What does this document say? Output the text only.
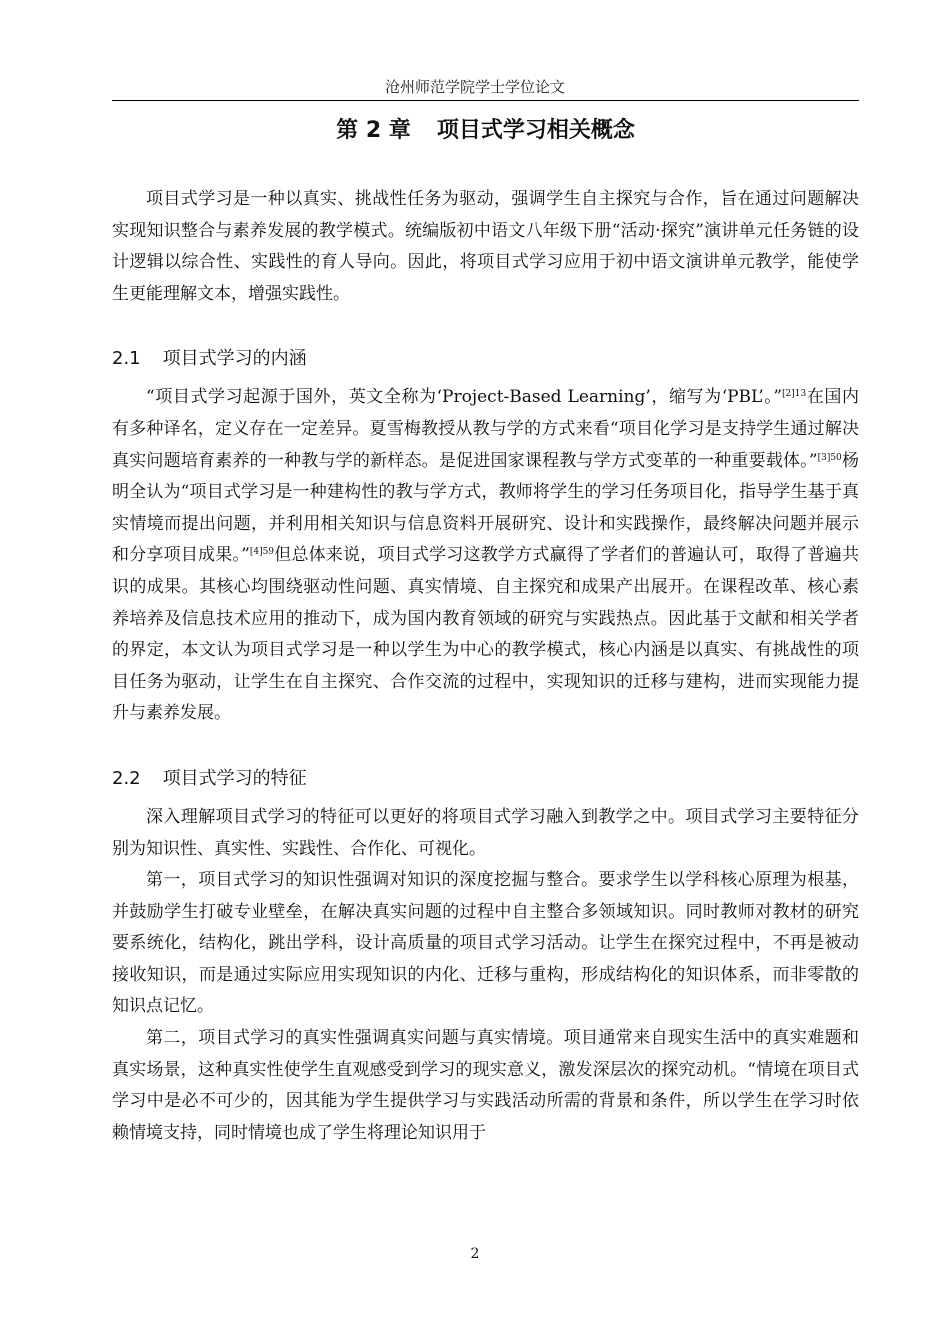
沧州师范学院学士学位论文
第 2 章 项目式学习相关概念

项目式学习是一种以真实、挑战性任务为驱动，强调学生自主探究与合作，旨在通过问题解决实现知识整合与素养发展的教学模式。统编版初中语文八年级下册“活动·探究”演讲单元任务链的设计逻辑以综合性、实践性的育人导向。因此，将项目式学习应用于初中语文演讲单元教学，能使学生更能理解文本，增强实践性。

2.1 项目式学习的内涵

“项目式学习起源于国外，英文全称为‘Project-Based Learning’，缩写为‘PBL’。”$^{[2]13}$在国内有多种译名，定义存在一定差异。夏雪梅教授从教与学的方式来看“项目化学习是支持学生通过解决真实问题培育素养的一种教与学的新样态。是促进国家课程教与学方式变革的一种重要载体。”$^{[3]50}$杨明全认为“项目式学习是一种建构性的教与学方式，教师将学生的学习任务项目化，指导学生基于真实情境而提出问题，并利用相关知识与信息资料开展研究、设计和实践操作，最终解决问题并展示和分享项目成果。”$^{[4]59}$但总体来说，项目式学习这教学方式赢得了学者们的普遍认可，取得了普遍共识的成果。其核心均围绕驱动性问题、真实情境、自主探究和成果产出展开。在课程改革、核心素养培养及信息技术应用的推动下，成为国内教育领域的研究与实践热点。因此基于文献和相关学者的界定，本文认为项目式学习是一种以学生为中心的教学模式，核心内涵是以真实、有挑战性的项目任务为驱动，让学生在自主探究、合作交流的过程中，实现知识的迁移与建构，进而实现能力提升与素养发展。

2.2 项目式学习的特征

深入理解项目式学习的特征可以更好的将项目式学习融入到教学之中。项目式学习主要特征分别为知识性、真实性、实践性、合作化、可视化。

第一，项目式学习的知识性强调对知识的深度挖掘与整合。要求学生以学科核心原理为根基，并鼓励学生打破专业壁垒，在解决真实问题的过程中自主整合多领域知识。同时教师对教材的研究要系统化，结构化，跳出学科，设计高质量的项目式学习活动。让学生在探究过程中，不再是被动接收知识，而是通过实际应用实现知识的内化、迁移与重构，形成结构化的知识体系，而非零散的知识点记忆。

第二，项目式学习的真实性强调真实问题与真实情境。项目通常来自现实生活中的真实难题和真实场景，这种真实性使学生直观感受到学习的现实意义，激发深层次的探究动机。“情境在项目式学习中是必不可少的，因其能为学生提供学习与实践活动所需的背景和条件，所以学生在学习时依赖情境支持，同时情境也成了学生将理论知识用于

2
